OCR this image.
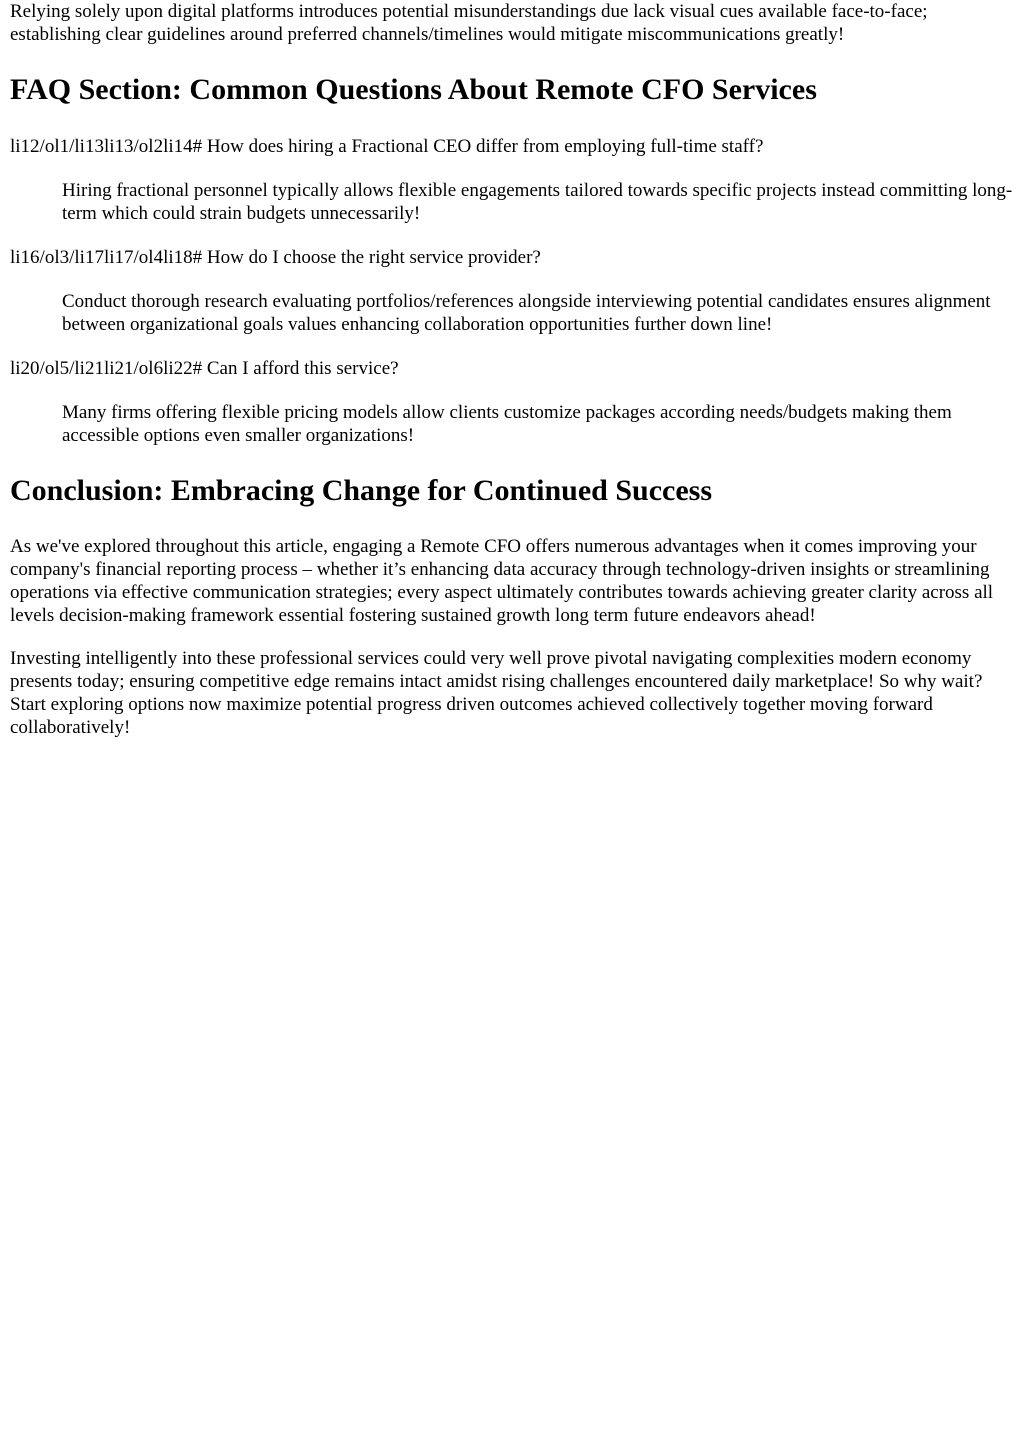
Relying solely upon digital platforms introduces potential misunderstandings due lack visual cues available face-to-face; establishing clear guidelines around preferred channels/timelines would mitigate miscommunications greatly!

FAQ Section: Common Questions About Remote CFO Services

li12/ol1/li13li13/ol2li14# How does hiring a Fractional CEO differ from employing full-time staff?

Hiring fractional personnel typically allows flexible engagements tailored towards specific projects instead committing long-term which could strain budgets unnecessarily!

li16/ol3/li17li17/ol4li18# How do I choose the right service provider?

Conduct thorough research evaluating portfolios/references alongside interviewing potential candidates ensures alignment between organizational goals values enhancing collaboration opportunities further down line!

li20/ol5/li21li21/ol6li22# Can I afford this service?

Many firms offering flexible pricing models allow clients customize packages according needs/budgets making them accessible options even smaller organizations!

Conclusion: Embracing Change for Continued Success

As we've explored throughout this article, engaging a Remote CFO offers numerous advantages when it comes improving your company's financial reporting process – whether it’s enhancing data accuracy through technology-driven insights or streamlining operations via effective communication strategies; every aspect ultimately contributes towards achieving greater clarity across all levels decision-making framework essential fostering sustained growth long term future endeavors ahead!

Investing intelligently into these professional services could very well prove pivotal navigating complexities modern economy presents today; ensuring competitive edge remains intact amidst rising challenges encountered daily marketplace! So why wait? Start exploring options now maximize potential progress driven outcomes achieved collectively together moving forward collaboratively!
